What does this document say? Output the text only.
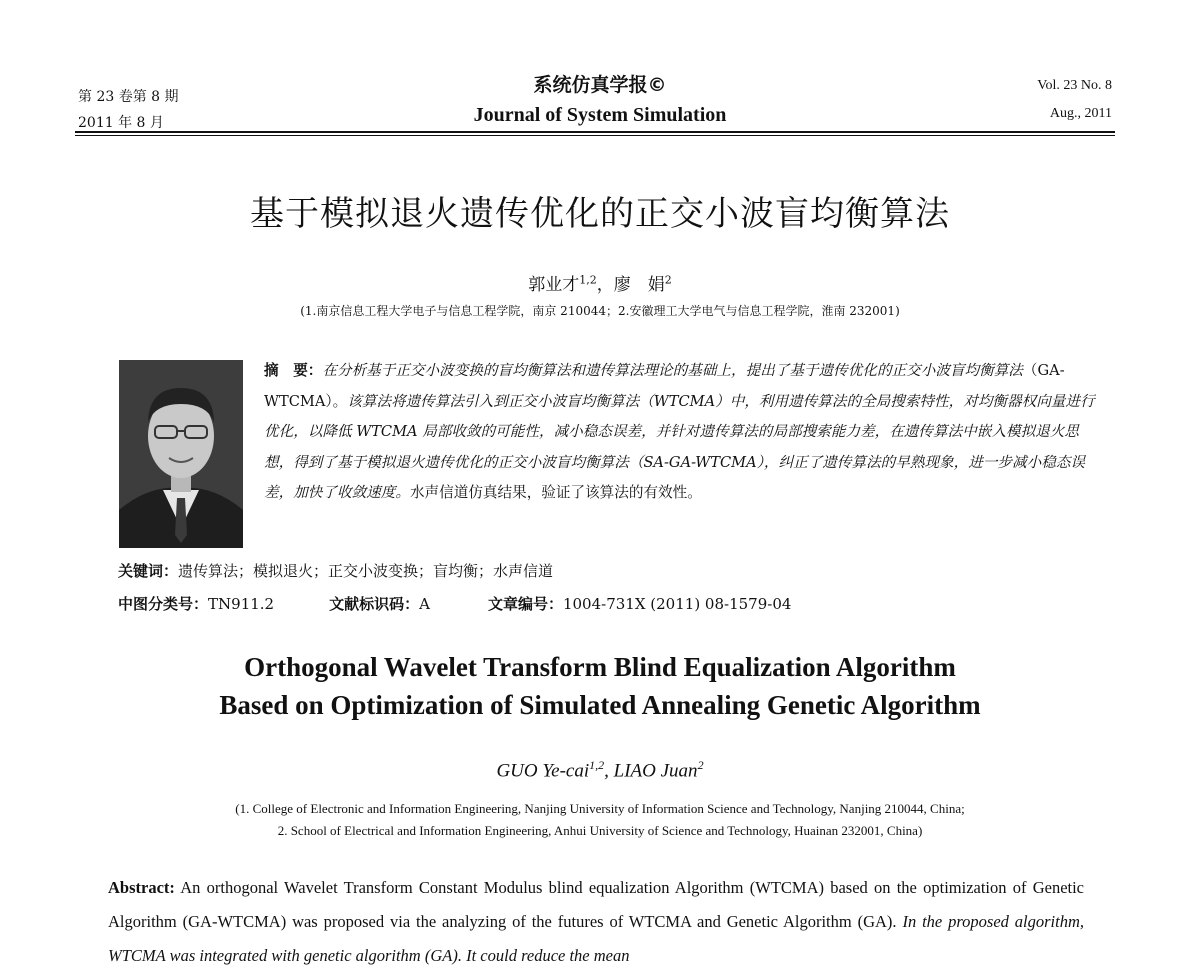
第 23 卷第 8 期
2011 年 8 月
系统仿真学报©
Journal of System Simulation
Vol. 23 No. 8
Aug., 2011
基于模拟退火遗传优化的正交小波盲均衡算法
郭业才$^{1,2}$，廖　娟$^2$
(1.南京信息工程大学电子与信息工程学院，南京 210044；2.安徽理工大学电气与信息工程学院，淮南 232001)
摘　要：在分析基于正交小波变换的盲均衡算法和遗传算法理论的基础上，提出了基于遗传优化的正交小波盲均衡算法（GA-WTCMA）。该算法将遗传算法引入到正交小波盲均衡算法（WTCMA）中，利用遗传算法的全局搜索特性，对均衡器权向量进行优化，以降低 WTCMA 局部收敛的可能性，减小稳态误差，并针对遗传算法的局部搜索能力差，在遗传算法中嵌入模拟退火思想，得到了基于模拟退火遗传优化的正交小波盲均衡算法（SA-GA-WTCMA），纠正了遗传算法的早熟现象，进一步减小稳态误差，加快了收敛速度。水声信道仿真结果，验证了该算法的有效性。
关键词：遗传算法；模拟退火；正交小波变换；盲均衡；水声信道
中图分类号：TN911.2	文献标识码：A	文章编号：1004-731X (2011) 08-1579-04
Orthogonal Wavelet Transform Blind Equalization Algorithm
Based on Optimization of Simulated Annealing Genetic Algorithm
GUO Ye-cai$^{1,2}$, LIAO Juan$^2$
(1. College of Electronic and Information Engineering, Nanjing University of Information Science and Technology, Nanjing 210044, China;
2. School of Electrical and Information Engineering, Anhui University of Science and Technology, Huainan 232001, China)
Abstract: An orthogonal Wavelet Transform Constant Modulus blind equalization Algorithm (WTCMA) based on the optimization of Genetic Algorithm (GA-WTCMA) was proposed via the analyzing of the futures of WTCMA and Genetic Algorithm (GA). In the proposed algorithm, WTCMA was integrated with genetic algorithm (GA). It could reduce the mean
